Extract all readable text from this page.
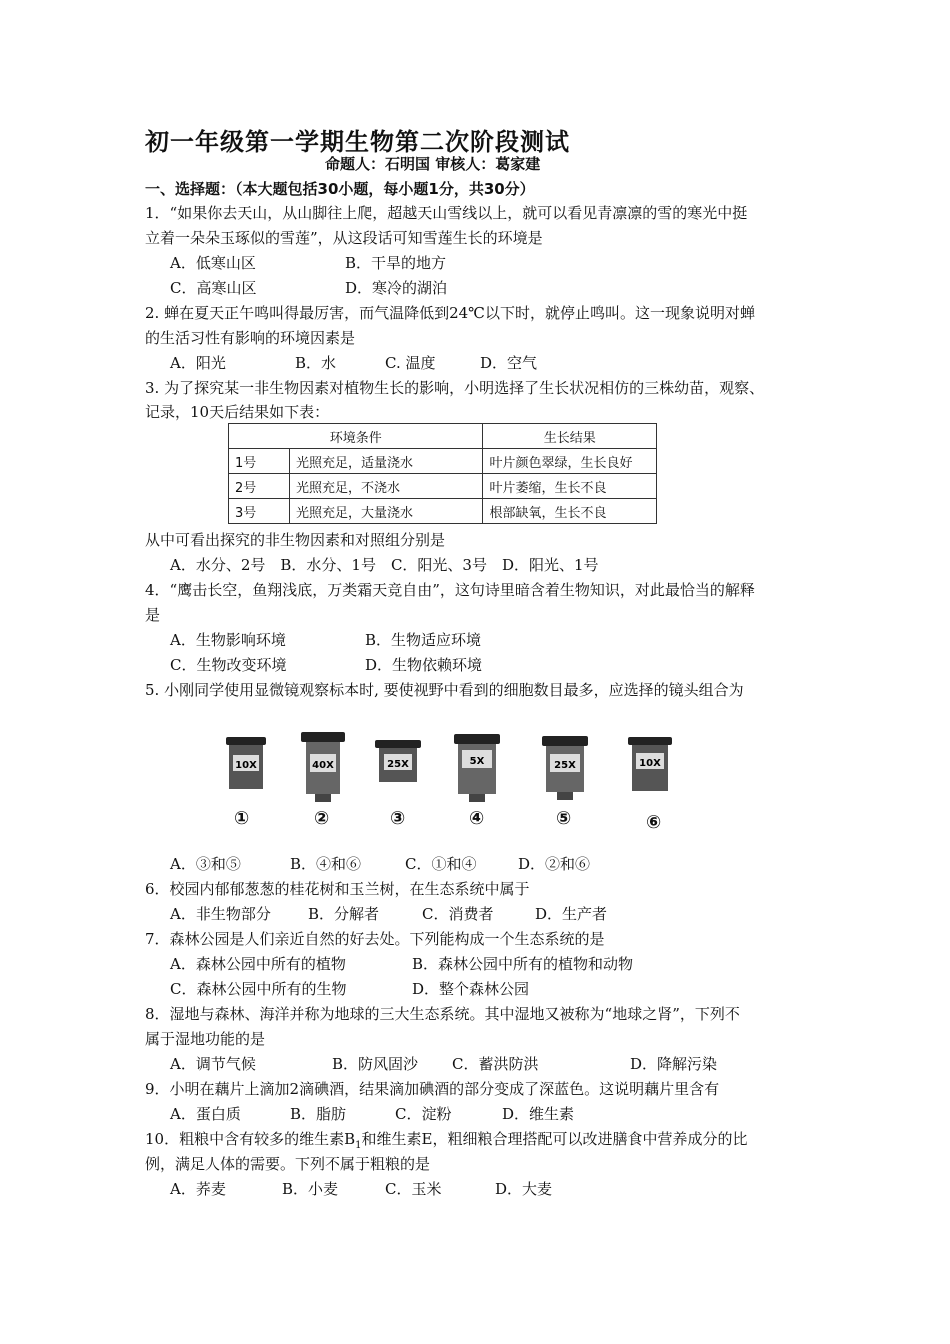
初一年级第一学期生物第二次阶段测试
命题人：石明国 审核人：葛家建
一、选择题：（本大题包括30小题，每小题1分，共30分）
1．“如果你去天山，从山脚往上爬，超越天山雪线以上，就可以看见青凛凛的雪的寒光中挺
立着一朵朵玉琢似的雪莲”，从这段话可知雪莲生长的环境是
A．低寒山区	B．干旱的地方
C．高寒山区	D．寒冷的湖泊
2. 蝉在夏天正午鸣叫得最厉害，而气温降低到24℃以下时，就停止鸣叫。这一现象说明对蝉
的生活习性有影响的环境因素是
A．阳光	B．水	C. 温度	D．空气
3. 为了探究某一非生物因素对植物生长的影响，小明选择了生长状况相仿的三株幼苗，观察、
记录，10天后结果如下表：
环境条件		生长结果
1号	光照充足，适量浇水	叶片颜色翠绿，生长良好
2号	光照充足，不浇水	叶片萎缩，生长不良
3号	光照充足，大量浇水	根部缺氧，生长不良
从中可看出探究的非生物因素和对照组分别是
A．水分、2号　B．水分、1号　C．阳光、3号　D．阳光、1号
4．“鹰击长空，鱼翔浅底，万类霜天竞自由”，这句诗里暗含着生物知识，对此最恰当的解释
是
A．生物影响环境	B．生物适应环境
C．生物改变环境	D．生物依赖环境
5. 小刚同学使用显微镜观察标本时, 要使视野中看到的细胞数目最多，应选择的镜头组合为
10X	40X	25X	5X	25X	10X
①	②	③	④	⑤	⑥
A．③和⑤	B．④和⑥	C．①和④	D．②和⑥
6．校园内郁郁葱葱的桂花树和玉兰树，在生态系统中属于
A．非生物部分 B．分解者	C．消费者	D．生产者
7．森林公园是人们亲近自然的好去处。下列能构成一个生态系统的是
A．森林公园中所有的植物	B．森林公园中所有的植物和动物
C．森林公园中所有的生物	D．整个森林公园
8．湿地与森林、海洋并称为地球的三大生态系统。其中湿地又被称为“地球之肾”，下列不
属于湿地功能的是
A．调节气候	B．防风固沙 C．蓄洪防洪	D．降解污染
9．小明在藕片上滴加2滴碘酒，结果滴加碘酒的部分变成了深蓝色。这说明藕片里含有
A．蛋白质	B．脂肪	C．淀粉	D．维生素
10．粗粮中含有较多的维生素$B_1$和维生素E，粗细粮合理搭配可以改进膳食中营养成分的比
例，满足人体的需要。下列不属于粗粮的是
A．荞麦	B．小麦	C．玉米	D．大麦
